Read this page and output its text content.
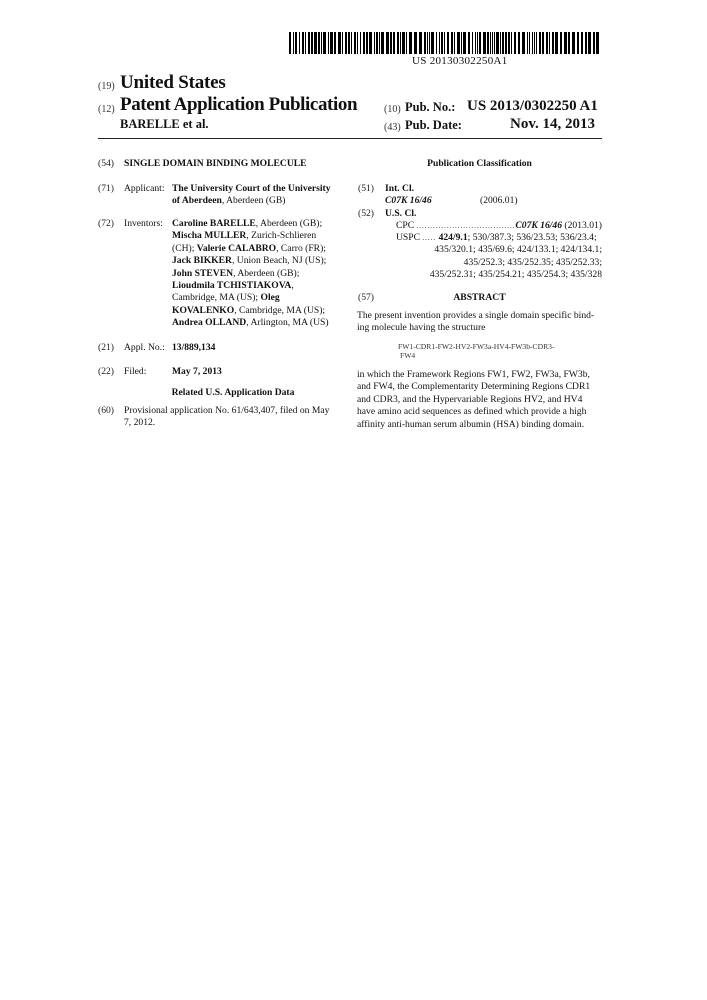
US 20130302250A1
(19) United States
(12) Patent Application Publication
BARELLE et al.
(10) Pub. No.: US 2013/0302250 A1
(43) Pub. Date:	Nov. 14, 2013
(54) SINGLE DOMAIN BINDING MOLECULE
(71) Applicant: The University Court of the University
of Aberdeen, Aberdeen (GB)
(72) Inventors: Caroline BARELLE, Aberdeen (GB);
Mischa MULLER, Zurich-Schlieren
(CH); Valerie CALABRO, Carro (FR);
Jack BIKKER, Union Beach, NJ (US);
John STEVEN, Aberdeen (GB);
Lioudmila TCHISTIAKOVA,
Cambridge, MA (US); Oleg
KOVALENKO, Cambridge, MA (US);
Andrea OLLAND, Arlington, MA (US)
(21) Appl. No.: 13/889,134
(22) Filed:	May 7, 2013
Related U.S. Application Data
(60) Provisional application No. 61/643,407, filed on May
7, 2012.
Publication Classification
(51) Int. Cl.
C07K 16/46	(2006.01)
(52) U.S. Cl.
CPC .................................... C07K 16/46 (2013.01)
USPC ..... 424/9.1; 530/387.3; 536/23.53; 536/23.4;
435/320.1; 435/69.6; 424/133.1; 424/134.1;
435/252.3; 435/252.35; 435/252.33;
435/252.31; 435/254.21; 435/254.3; 435/328
(57)	ABSTRACT
The present invention provides a single domain specific bind-
ing molecule having the structure
FW1-CDR1-FW2-HV2-FW3a-HV4-FW3b-CDR3-
FW4
in which the Framework Regions FW1, FW2, FW3a, FW3b,
and FW4, the Complementarity Determining Regions CDR1
and CDR3, and the Hypervariable Regions HV2, and HV4
have amino acid sequences as defined which provide a high
affinity anti-human serum albumin (HSA) binding domain.
